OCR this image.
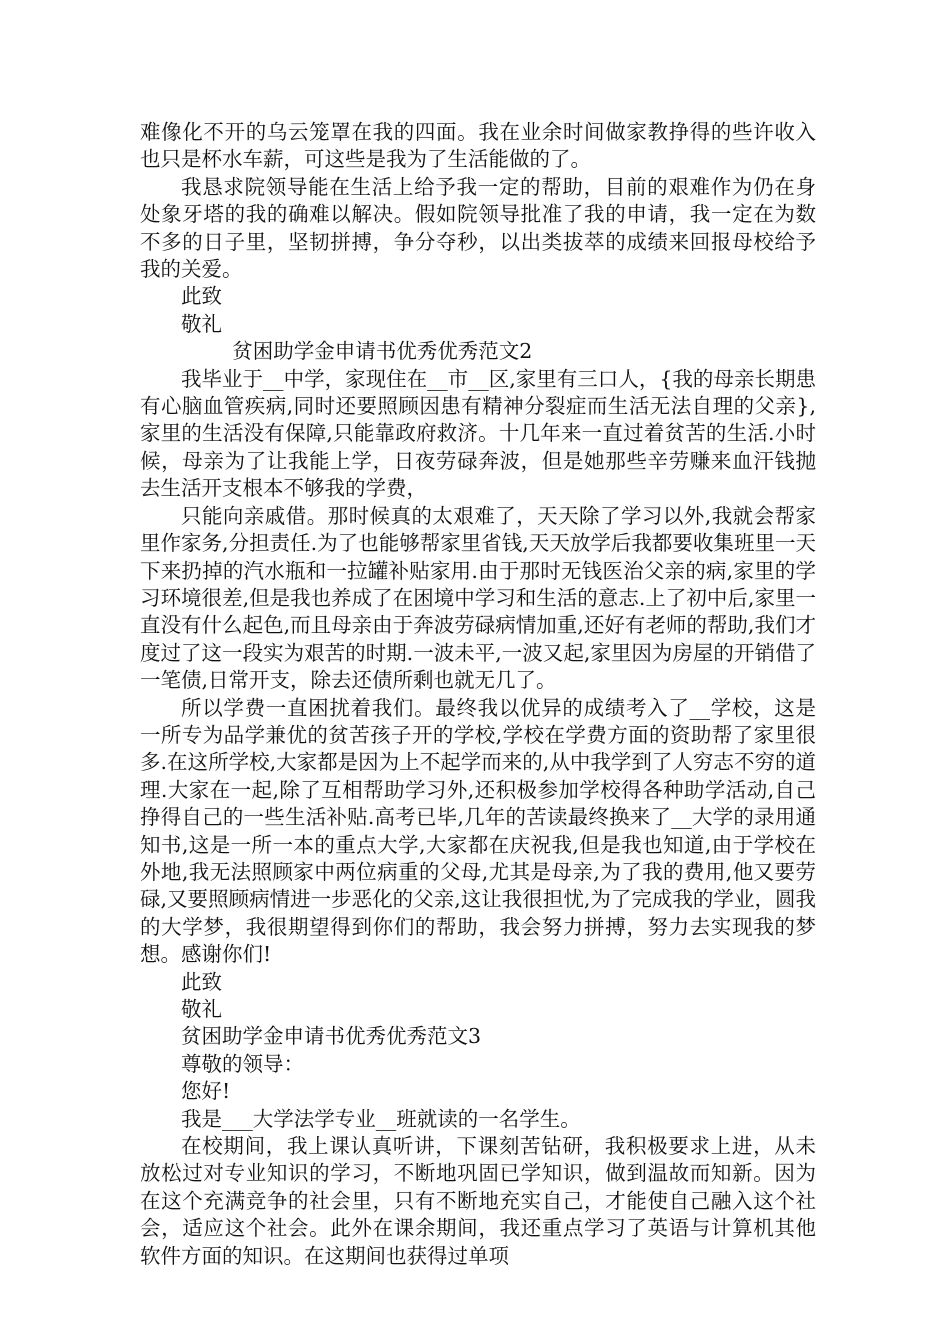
难像化不开的乌云笼罩在我的四面。我在业余时间做家教挣得的些许收入也只是杯水车薪，可这些是我为了生活能做的了。

我恳求院领导能在生活上给予我一定的帮助，目前的艰难作为仍在身处象牙塔的我的确难以解决。假如院领导批准了我的申请，我一定在为数不多的日子里，坚韧拼搏，争分夺秒，以出类拔萃的成绩来回报母校给予我的关爱。

此致

敬礼

贫困助学金申请书优秀优秀范文2

我毕业于__中学，家现住在__市__区,家里有三口人，{我的母亲长期患有心脑血管疾病,同时还要照顾因患有精神分裂症而生活无法自理的父亲},家里的生活没有保障,只能靠政府救济。十几年来一直过着贫苦的生活.小时候，母亲为了让我能上学，日夜劳碌奔波，但是她那些辛劳赚来血汗钱抛去生活开支根本不够我的学费，

只能向亲戚借。那时候真的太艰难了，天天除了学习以外,我就会帮家里作家务,分担责任.为了也能够帮家里省钱,天天放学后我都要收集班里一天下来扔掉的汽水瓶和一拉罐补贴家用.由于那时无钱医治父亲的病,家里的学习环境很差,但是我也养成了在困境中学习和生活的意志.上了初中后,家里一直没有什么起色,而且母亲由于奔波劳碌病情加重,还好有老师的帮助,我们才度过了这一段实为艰苦的时期.一波未平,一波又起,家里因为房屋的开销借了一笔债,日常开支，除去还债所剩也就无几了。

所以学费一直困扰着我们。最终我以优异的成绩考入了__学校，这是一所专为品学兼优的贫苦孩子开的学校,学校在学费方面的资助帮了家里很多.在这所学校,大家都是因为上不起学而来的,从中我学到了人穷志不穷的道理.大家在一起,除了互相帮助学习外,还积极参加学校得各种助学活动,自己挣得自己的一些生活补贴.高考已毕,几年的苦读最终换来了__大学的录用通知书,这是一所一本的重点大学,大家都在庆祝我,但是我也知道,由于学校在外地,我无法照顾家中两位病重的父母,尤其是母亲,为了我的费用,他又要劳碌,又要照顾病情进一步恶化的父亲,这让我很担忧,为了完成我的学业，圆我的大学梦，我很期望得到你们的帮助，我会努力拼搏，努力去实现我的梦想。感谢你们!

此致

敬礼

贫困助学金申请书优秀优秀范文3

尊敬的领导：

您好!

我是___大学法学专业__班就读的一名学生。

在校期间，我上课认真听讲，下课刻苦钻研，我积极要求上进，从未放松过对专业知识的学习，不断地巩固已学知识，做到温故而知新。因为在这个充满竞争的社会里，只有不断地充实自己，才能使自己融入这个社会，适应这个社会。此外在课余期间，我还重点学习了英语与计算机其他软件方面的知识。在这期间也获得过单项
